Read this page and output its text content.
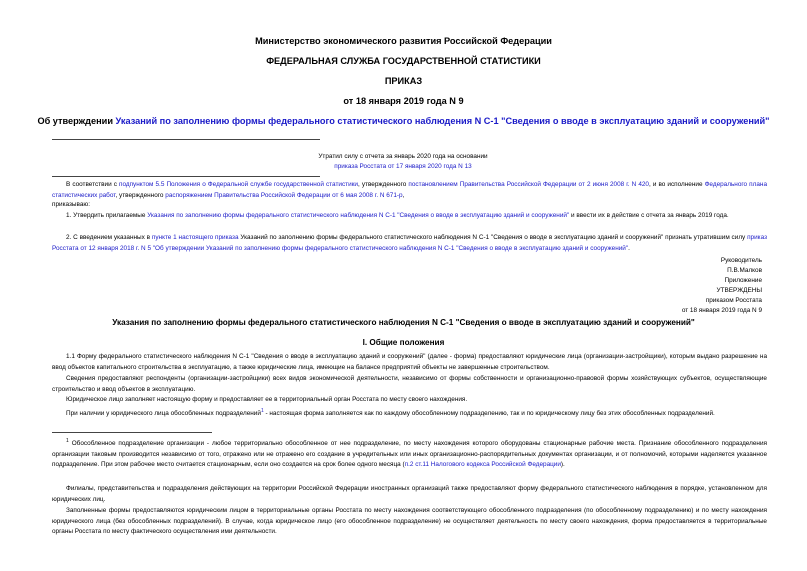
Министерство экономического развития Российской Федерации
ФЕДЕРАЛЬНАЯ СЛУЖБА ГОСУДАРСТВЕННОЙ СТАТИСТИКИ
ПРИКАЗ
от 18 января 2019 года N 9
Об утверждении Указаний по заполнению формы федерального статистического наблюдения N С-1 "Сведения о вводе в эксплуатацию зданий и сооружений"
Утратил силу с отчета за январь 2020 года на основании
приказа Росстата от 17 января 2020 года N 13
В соответствии с подпунктом 5.5 Положения о Федеральной службе государственной статистики, утвержденного постановлением Правительства Российской Федерации от 2 июня 2008 г. N 420, и во исполнение Федерального плана статистических работ, утвержденного распоряжением Правительства Российской Федерации от 6 мая 2008 г. N 671-р,
приказываю:
1. Утвердить прилагаемые Указания по заполнению формы федерального статистического наблюдения N С-1 "Сведения о вводе в эксплуатацию зданий и сооружений" и ввести их в действие с отчета за январь 2019 года.
2. С введением указанных в пункте 1 настоящего приказа Указаний по заполнению формы федерального статистического наблюдения N С-1 "Сведения о вводе в эксплуатацию зданий и сооружений" признать утратившим силу приказ Росстата от 12 января 2018 г. N 5 "Об утверждении Указаний по заполнению формы федерального статистического наблюдения N С-1 "Сведения о вводе в эксплуатацию зданий и сооружений".
Руководитель
П.В.Малков
Приложение
УТВЕРЖДЕНЫ
приказом Росстата
от 18 января 2019 года N 9
Указания по заполнению формы федерального статистического наблюдения N С-1 "Сведения о вводе в эксплуатацию зданий и сооружений"
I. Общие положения
1.1 Форму федерального статистического наблюдения N С-1 "Сведения о вводе в эксплуатацию зданий и сооружений" (далее - форма) предоставляют юридические лица (организации-застройщики), которым выдано разрешение на ввод объектов капитального строительства в эксплуатацию, а также юридические лица, имеющие на балансе предприятий объекты не завершенные строительством.
Сведения предоставляют респонденты (организации-застройщики) всех видов экономической деятельности, независимо от формы собственности и организационно-правовой формы хозяйствующих субъектов, осуществляющие строительство и ввод объектов в эксплуатацию.
Юридическое лицо заполняет настоящую форму и предоставляет ее в территориальный орган Росстата по месту своего нахождения.
При наличии у юридического лица обособленных подразделений$^1$ - настоящая форма заполняется как по каждому обособленному подразделению, так и по юридическому лицу без этих обособленных подразделений.
$^1$ Обособленное подразделение организации - любое территориально обособленное от нее подразделение, по месту нахождения которого оборудованы стационарные рабочие места. Признание обособленного подразделения организации таковым производится независимо от того, отражено или не отражено его создание в учредительных или иных организационно-распорядительных документах организации, и от полномочий, которыми наделяется указанное подразделение. При этом рабочее место считается стационарным, если оно создается на срок более одного месяца (п.2 ст.11 Налогового кодекса Российской Федерации).
Филиалы, представительства и подразделения действующих на территории Российской Федерации иностранных организаций также предоставляют форму федерального статистического наблюдения в порядке, установленном для юридических лиц.
Заполненные формы предоставляются юридическим лицом в территориальные органы Росстата по месту нахождения соответствующего обособленного подразделения (по обособленному подразделению) и по месту нахождения юридического лица (без обособленных подразделений). В случае, когда юридическое лицо (его обособленное подразделение) не осуществляет деятельность по месту своего нахождения, форма предоставляется в территориальные органы Росстата по месту фактического осуществления ими деятельности.
